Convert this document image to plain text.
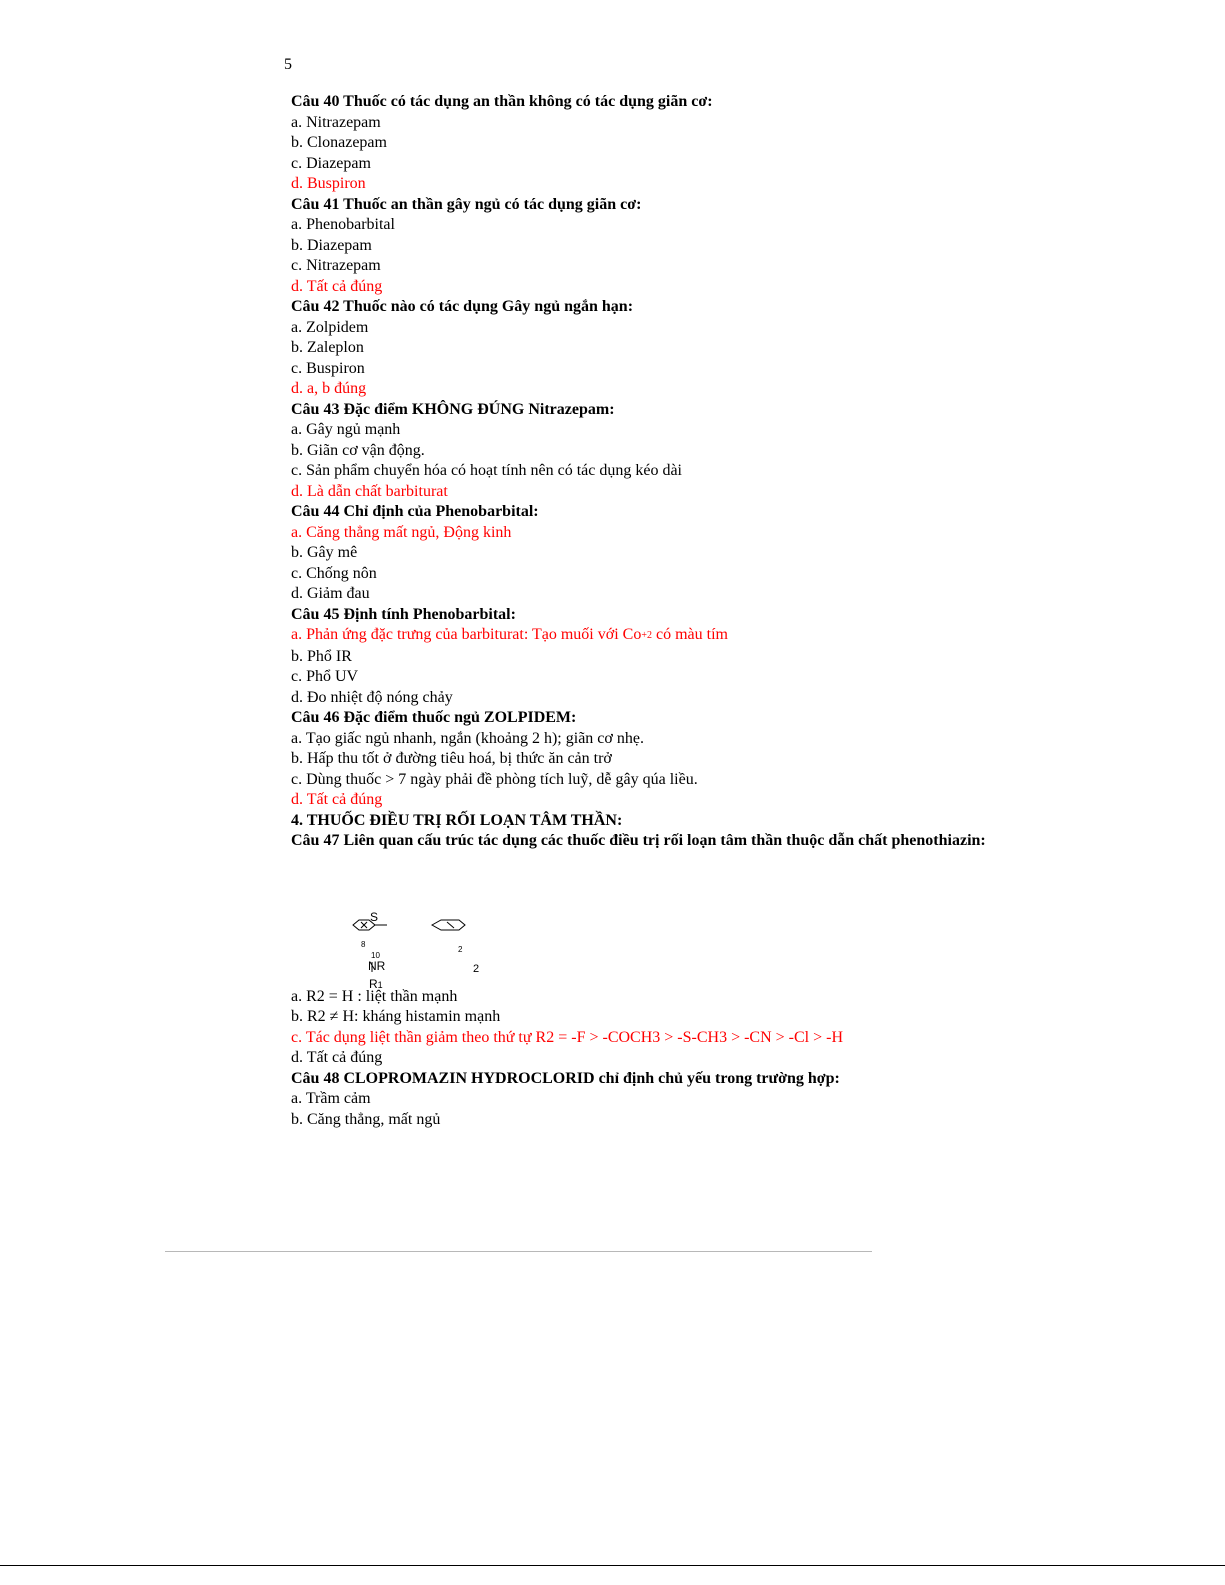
5
Câu 40 Thuốc có tác dụng an thần không có tác dụng giãn cơ:
a. Nitrazepam
b. Clonazepam
c. Diazepam
d. Buspiron
Câu 41 Thuốc an thần gây ngủ có tác dụng giãn cơ:
a. Phenobarbital
b. Diazepam
c. Nitrazepam
d. Tất cả đúng
Câu 42 Thuốc nào có tác dụng Gây ngủ ngắn hạn:
a. Zolpidem
b. Zaleplon
c. Buspiron
d. a, b đúng
Câu 43 Đặc điểm KHÔNG ĐÚNG Nitrazepam:
a. Gây ngủ mạnh
b. Giãn cơ vận động.
c. Sản phẩm chuyển hóa có hoạt tính nên có tác dụng kéo dài
d. Là dẫn chất barbiturat
Câu 44 Chỉ định của Phenobarbital:
a. Căng thẳng mất ngủ, Động kinh
b. Gây mê
c. Chống nôn
d. Giảm đau
Câu 45 Định tính Phenobarbital:
a. Phản ứng đặc trưng của barbiturat: Tạo muối với Co+2 có màu tím
b. Phổ IR
c. Phổ UV
d. Đo nhiệt độ nóng chảy
Câu 46 Đặc điểm thuốc ngủ ZOLPIDEM:
a. Tạo giấc ngủ nhanh, ngắn (khoảng 2 h); giãn cơ nhẹ.
b. Hấp thu tốt ở đường tiêu hoá, bị thức ăn cản trở
c. Dùng thuốc > 7 ngày phải đề phòng tích luỹ, dễ gây qúa liều.
d. Tất cả đúng
4. THUỐC ĐIỀU TRỊ RỐI LOẠN TÂM THẦN:
Câu 47 Liên quan cấu trúc tác dụng các thuốc điều trị rối loạn tâm thần thuộc dẫn chất phenothiazin:
S
8
10
2
NR	2
R1
a. R2 = H : liệt thần mạnh
b. R2 ≠ H: kháng histamin mạnh
c. Tác dụng liệt thần giảm theo thứ tự R2 = -F > -COCH3 > -S-CH3 > -CN > -Cl > -H
d. Tất cả đúng
Câu 48 CLOPROMAZIN HYDROCLORID chỉ định chủ yếu trong trường hợp:
a. Trầm cảm
b. Căng thẳng, mất ngủ
